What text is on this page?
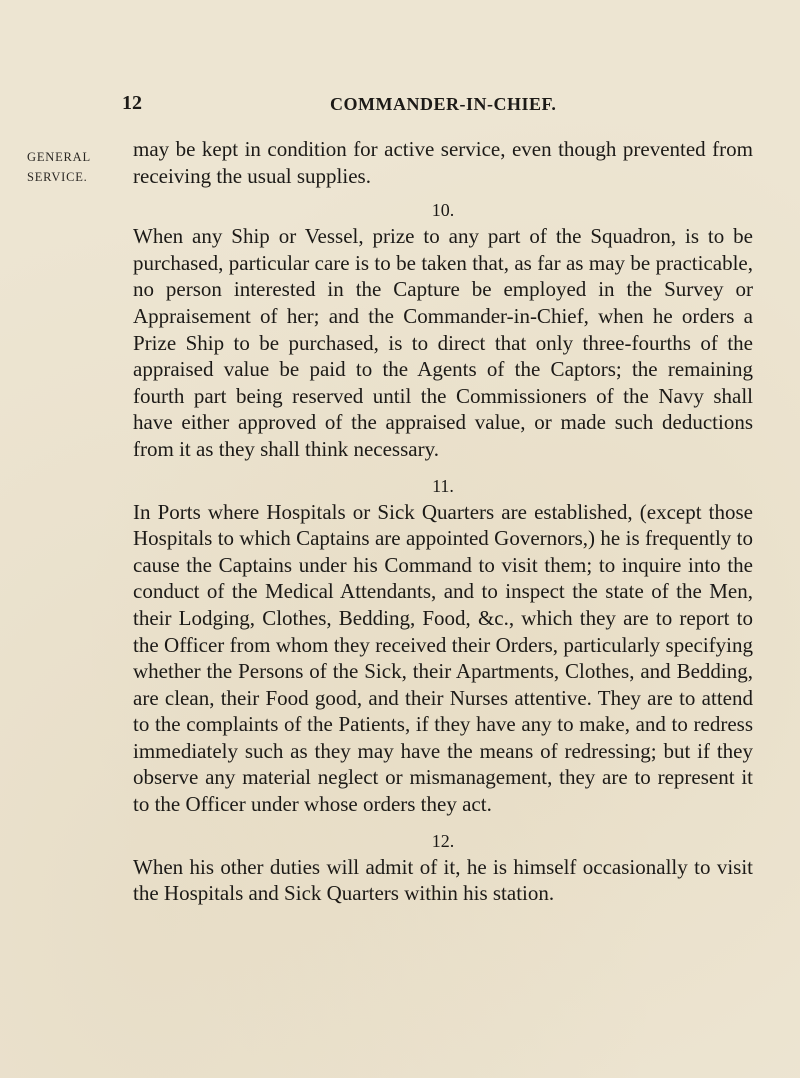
12	COMMANDER-IN-CHIEF.
GENERAL
SERVICE.

may be kept in condition for active service, even though prevented from receiving the usual supplies.

10.

When any Ship or Vessel, prize to any part of the Squadron, is to be purchased, particular care is to be taken that, as far as may be practicable, no person interested in the Capture be employed in the Survey or Appraisement of her; and the Commander-in-Chief, when he orders a Prize Ship to be purchased, is to direct that only three-fourths of the appraised value be paid to the Agents of the Captors; the remaining fourth part being reserved until the Commissioners of the Navy shall have either approved of the appraised value, or made such deductions from it as they shall think necessary.

11.

In Ports where Hospitals or Sick Quarters are established, (except those Hospitals to which Captains are appointed Governors,) he is frequently to cause the Captains under his Command to visit them; to inquire into the conduct of the Medical Attendants, and to inspect the state of the Men, their Lodging, Clothes, Bedding, Food, &c., which they are to report to the Officer from whom they received their Orders, particularly specifying whether the Persons of the Sick, their Apartments, Clothes, and Bedding, are clean, their Food good, and their Nurses attentive. They are to attend to the complaints of the Patients, if they have any to make, and to redress immediately such as they may have the means of redressing; but if they observe any material neglect or mismanagement, they are to represent it to the Officer under whose orders they act.

12.

When his other duties will admit of it, he is himself occasionally to visit the Hospitals and Sick Quarters within his station.
